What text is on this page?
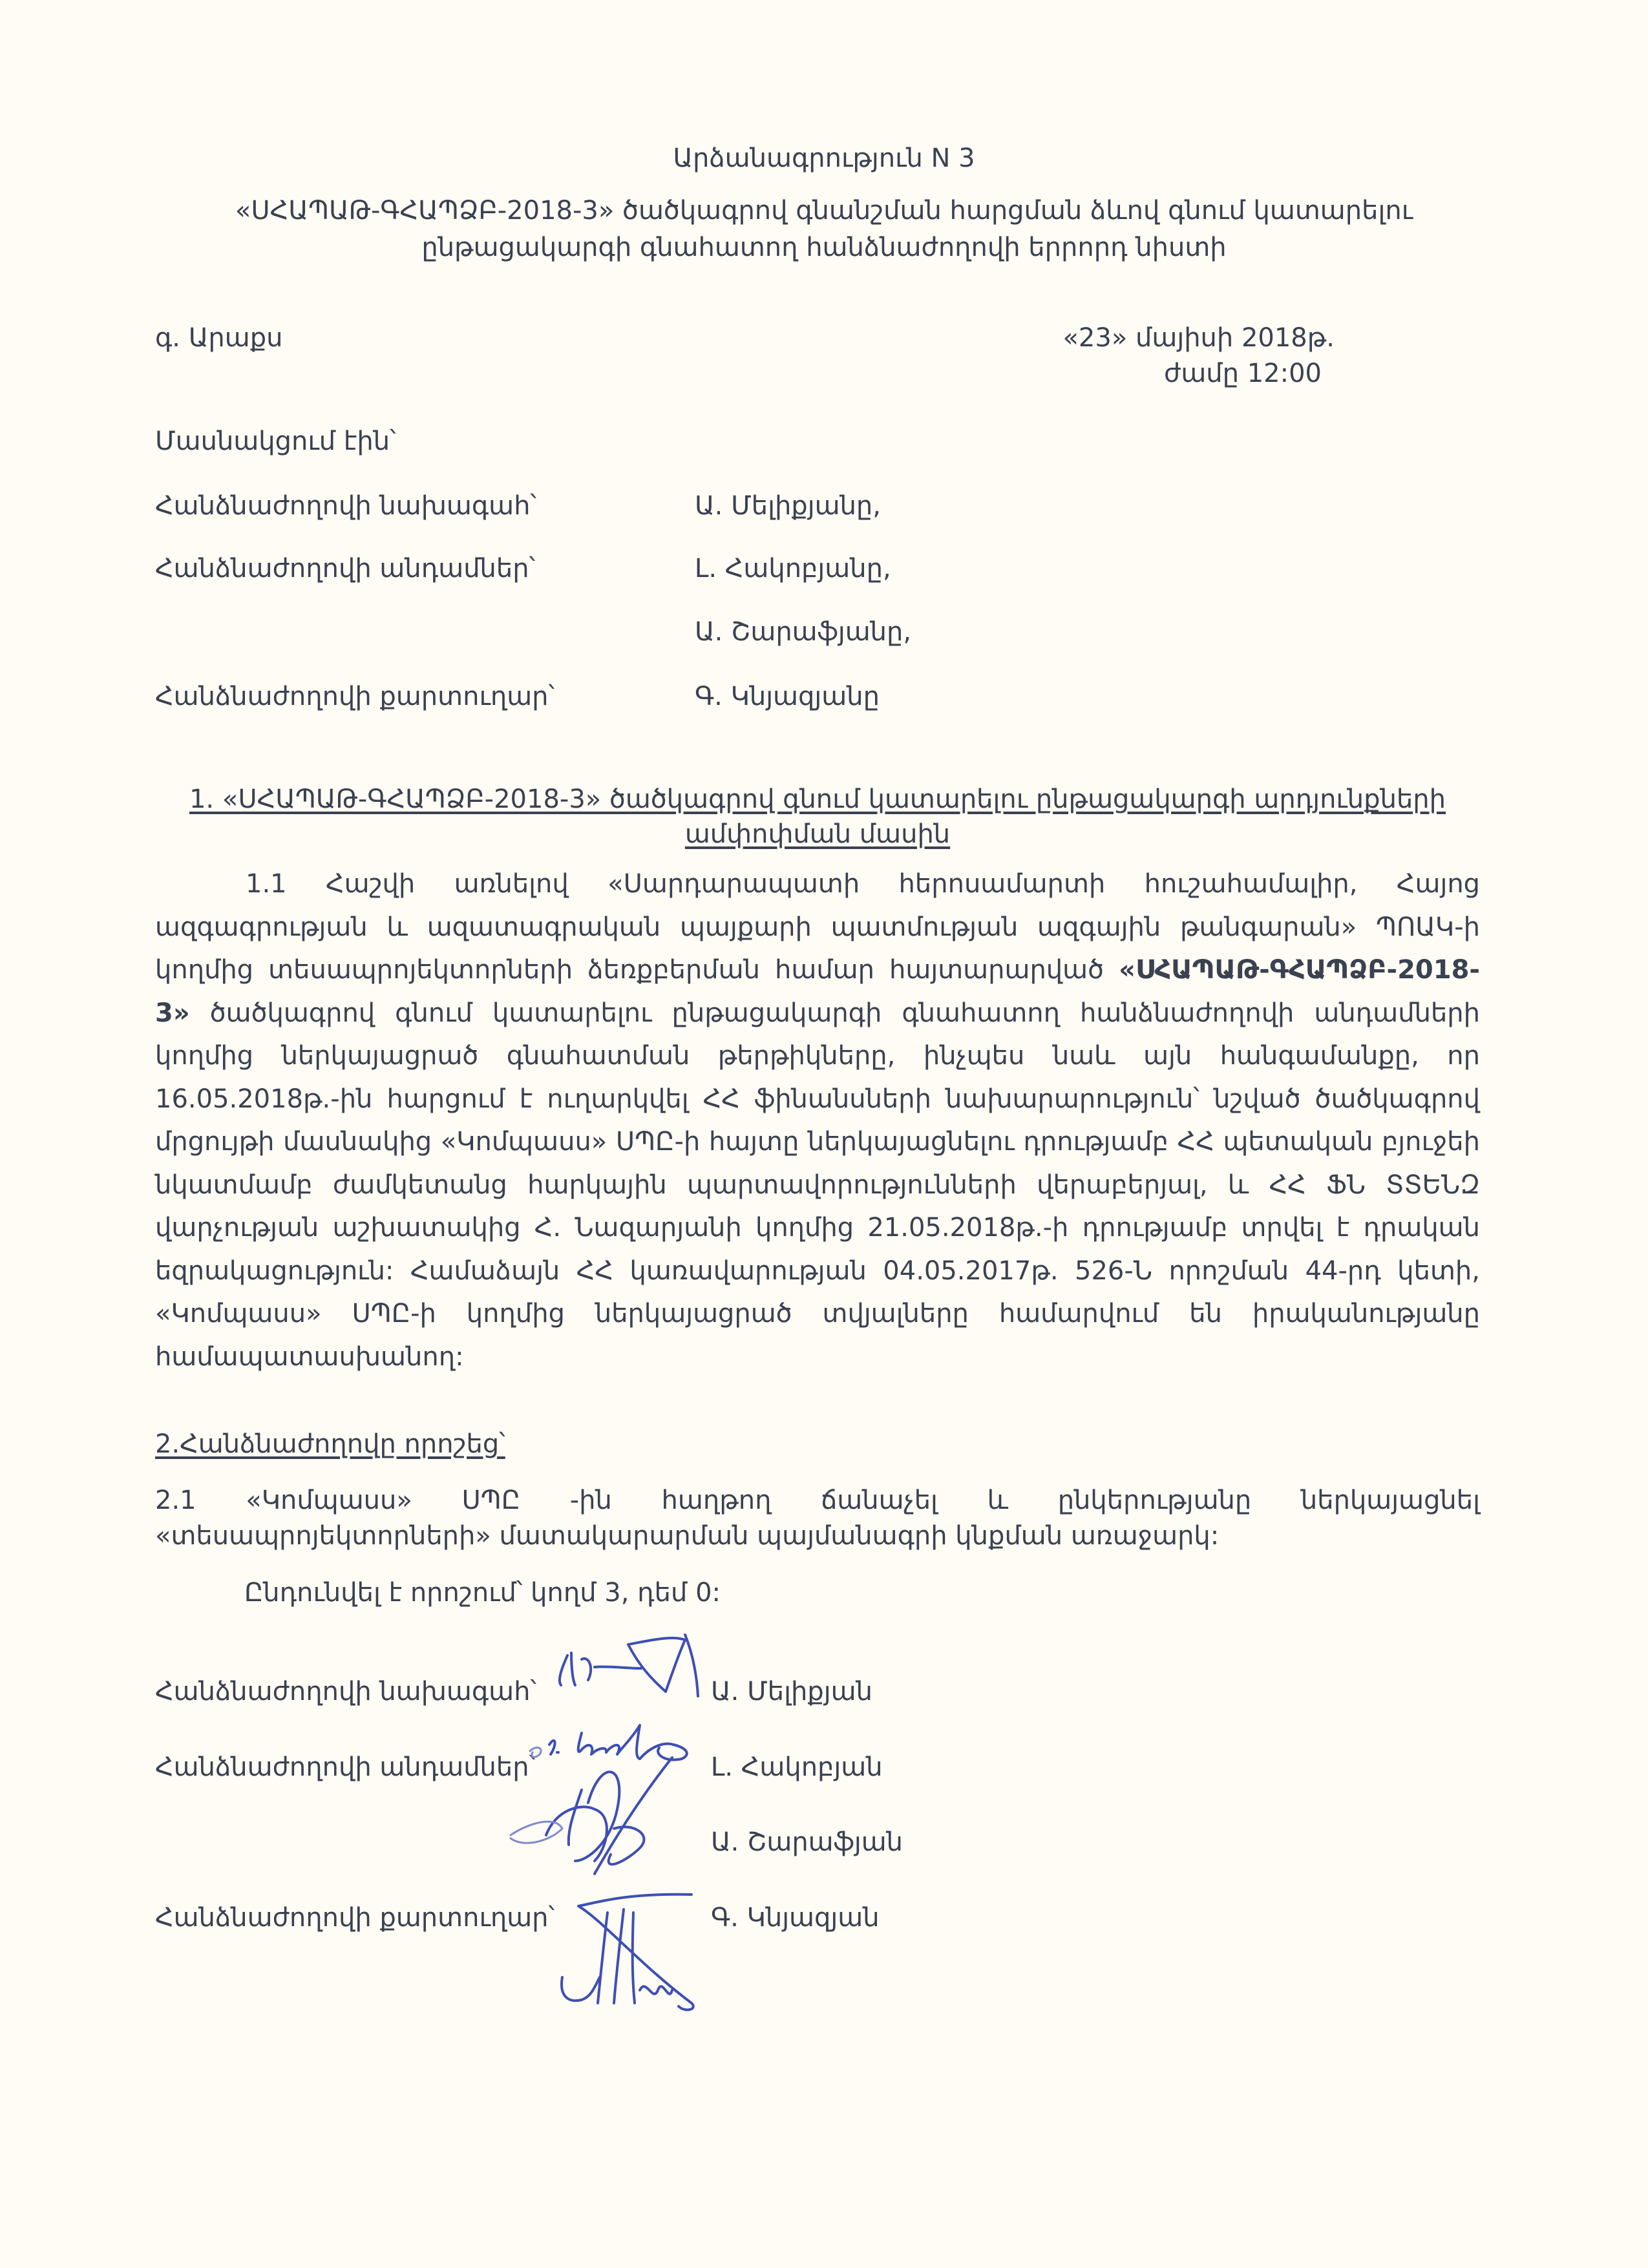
Արձանագրություն N 3
«ՍՀԱՊԱԹ-ԳՀԱՊՁԲ-2018-3» ծածկագրով գնանշման հարցման ձևով գնում կատարելու
ընթացակարգի գնահատող հանձնաժողովի երրորդ նիստի
գ. Արաքս	«23» մայիսի 2018թ.
ժամը 12:00
Մասնակցում էին՝
Հանձնաժողովի նախագահ՝	Ա. Մելիքյանը,
Հանձնաժողովի անդամներ՝	Լ. Հակոբյանը,
Ա. Շարաֆյանը,
Հանձնաժողովի քարտուղար՝	Գ. Կնյազյանը
1. «ՍՀԱՊԱԹ-ԳՀԱՊՁԲ-2018-3» ծածկագրով գնում կատարելու ընթացակարգի արդյունքների ամփոփման մասին
1.1 Հաշվի առնելով «Սարդարապատի հերոսամարտի հուշահամալիր, Հայոց ազգագրության և ազատագրական պայքարի պատմության ազգային թանգարան» ՊՈԱԿ-ի կողմից տեսապրոյեկտորների ձեռքբերման համար հայտարարված «ՍՀԱՊԱԹ-ԳՀԱՊՁԲ-2018-3» ծածկագրով գնում կատարելու ընթացակարգի գնահատող հանձնաժողովի անդամների կողմից ներկայացրած գնահատման թերթիկները, ինչպես նաև այն հանգամանքը, որ 16.05.2018թ.-ին հարցում է ուղարկվել ՀՀ ֆինանսների նախարարություն՝ նշված ծածկագրով մրցույթի մասնակից «Կոմպասս» ՍՊԸ-ի հայտը ներկայացնելու դրությամբ ՀՀ պետական բյուջեի նկատմամբ ժամկետանց հարկային պարտավորությունների վերաբերյալ, և ՀՀ ՖՆ ՏՏԵՆԶ վարչության աշխատակից Հ. Նազարյանի կողմից 21.05.2018թ.-ի դրությամբ տրվել է դրական եզրակացություն: Համաձայն ՀՀ կառավարության 04.05.2017թ. 526-Ն որոշման 44-րդ կետի, «Կոմպասս» ՍՊԸ-ի կողմից ներկայացրած տվյալները համարվում են իրականությանը համապատասխանող:
2.Հանձնաժողովը որոշեց՝
2.1 «Կոմպասս» ՍՊԸ -ին հաղթող ճանաչել և ընկերությանը ներկայացնել «տեսապրոյեկտորների» մատակարարման պայմանագրի կնքման առաջարկ:
Ընդունվել է որոշում՝ կողմ 3, դեմ 0:
Հանձնաժողովի նախագահ՝	Ա. Մելիքյան
Հանձնաժողովի անդամներ՝	Լ. Հակոբյան
Ա. Շարաֆյան
Հանձնաժողովի քարտուղար՝	Գ. Կնյազյան
